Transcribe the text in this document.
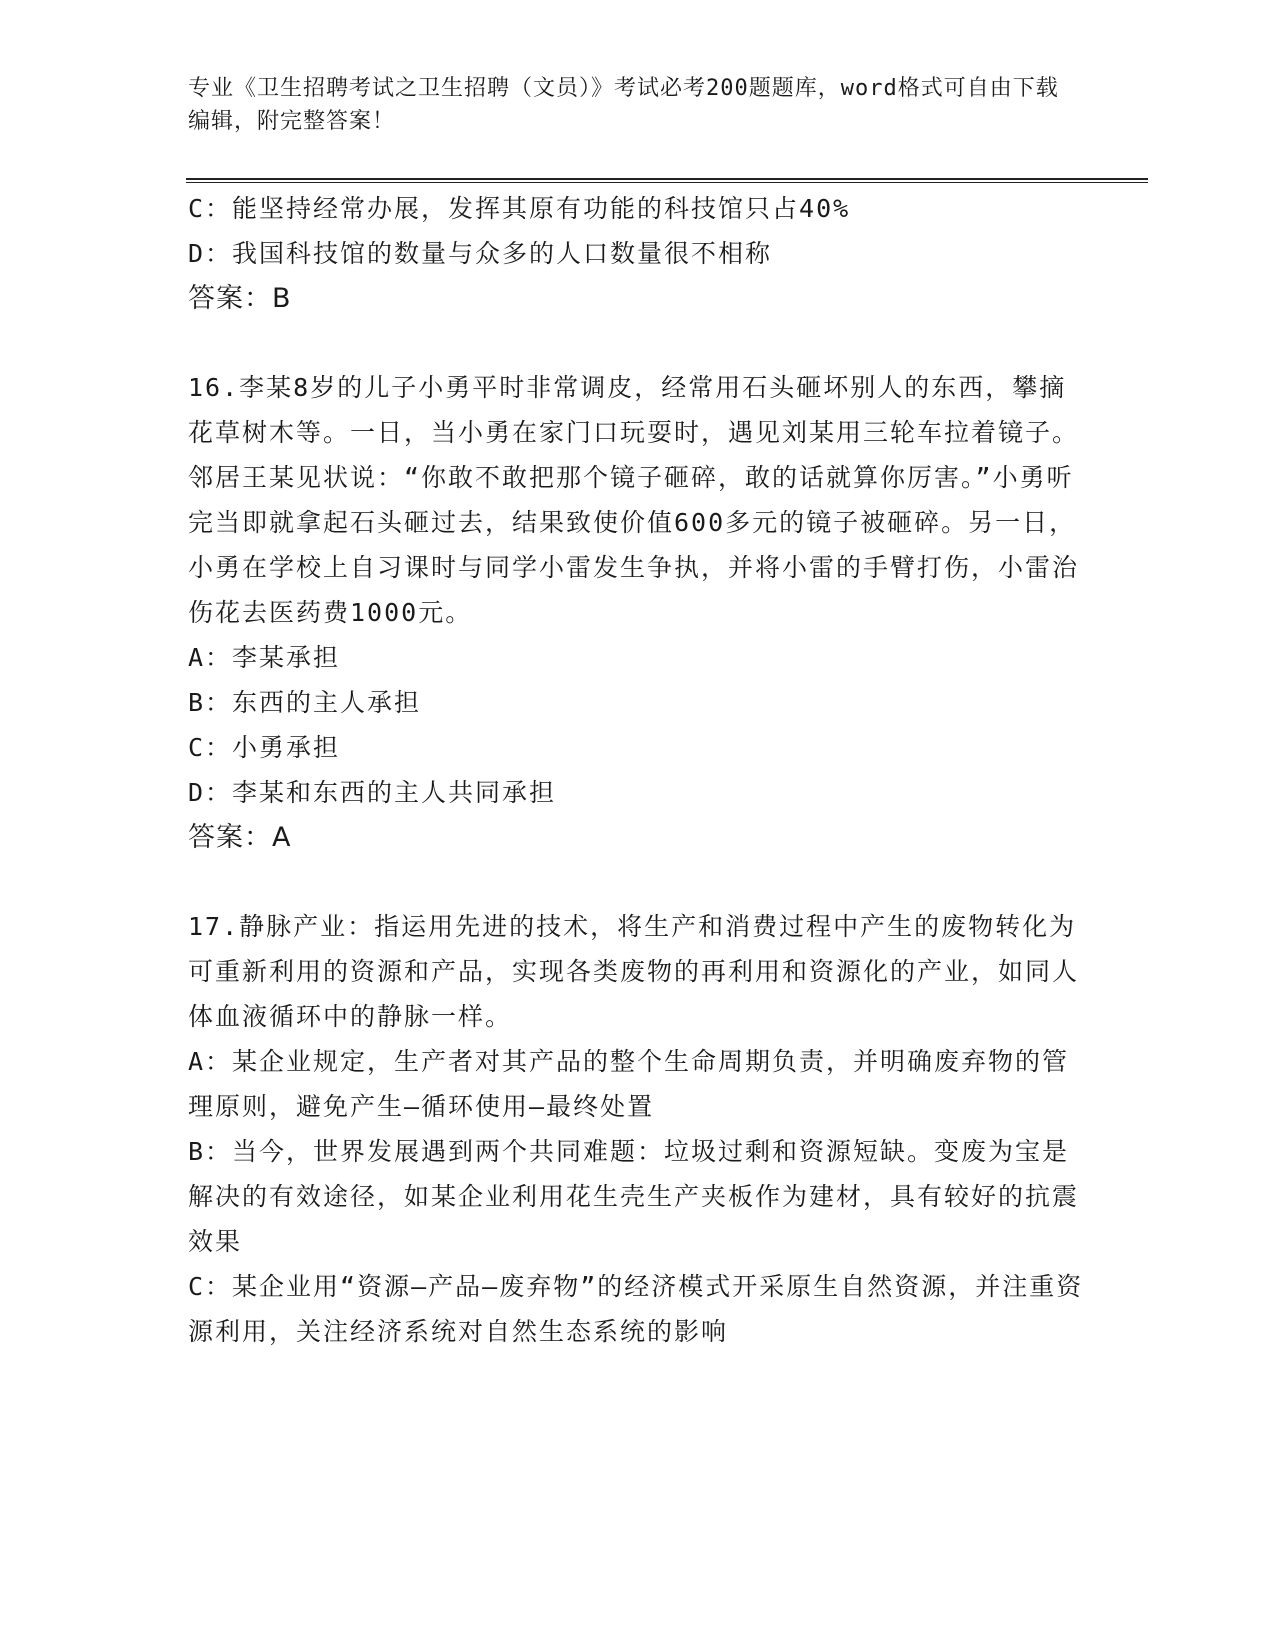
专业《卫生招聘考试之卫生招聘（文员）》考试必考200题题库，word格式可自由下载编辑，附完整答案！

C：能坚持经常办展，发挥其原有功能的科技馆只占40%

D：我国科技馆的数量与众多的人口数量很不相称

答案：B

16.李某8岁的儿子小勇平时非常调皮，经常用石头砸坏别人的东西，攀摘花草树木等。一日，当小勇在家门口玩耍时，遇见刘某用三轮车拉着镜子。邻居王某见状说：“你敢不敢把那个镜子砸碎，敢的话就算你厉害。”小勇听完当即就拿起石头砸过去，结果致使价值600多元的镜子被砸碎。另一日，小勇在学校上自习课时与同学小雷发生争执，并将小雷的手臂打伤，小雷治伤花去医药费1000元。

A：李某承担

B：东西的主人承担

C：小勇承担

D：李某和东西的主人共同承担

答案：A

17.静脉产业：指运用先进的技术，将生产和消费过程中产生的废物转化为可重新利用的资源和产品，实现各类废物的再利用和资源化的产业，如同人体血液循环中的静脉一样。

A：某企业规定，生产者对其产品的整个生命周期负责，并明确废弃物的管理原则，避免产生—循环使用—最终处置

B：当今，世界发展遇到两个共同难题：垃圾过剩和资源短缺。变废为宝是解决的有效途径，如某企业利用花生壳生产夹板作为建材，具有较好的抗震效果

C：某企业用“资源—产品—废弃物”的经济模式开采原生自然资源，并注重资源利用，关注经济系统对自然生态系统的影响
